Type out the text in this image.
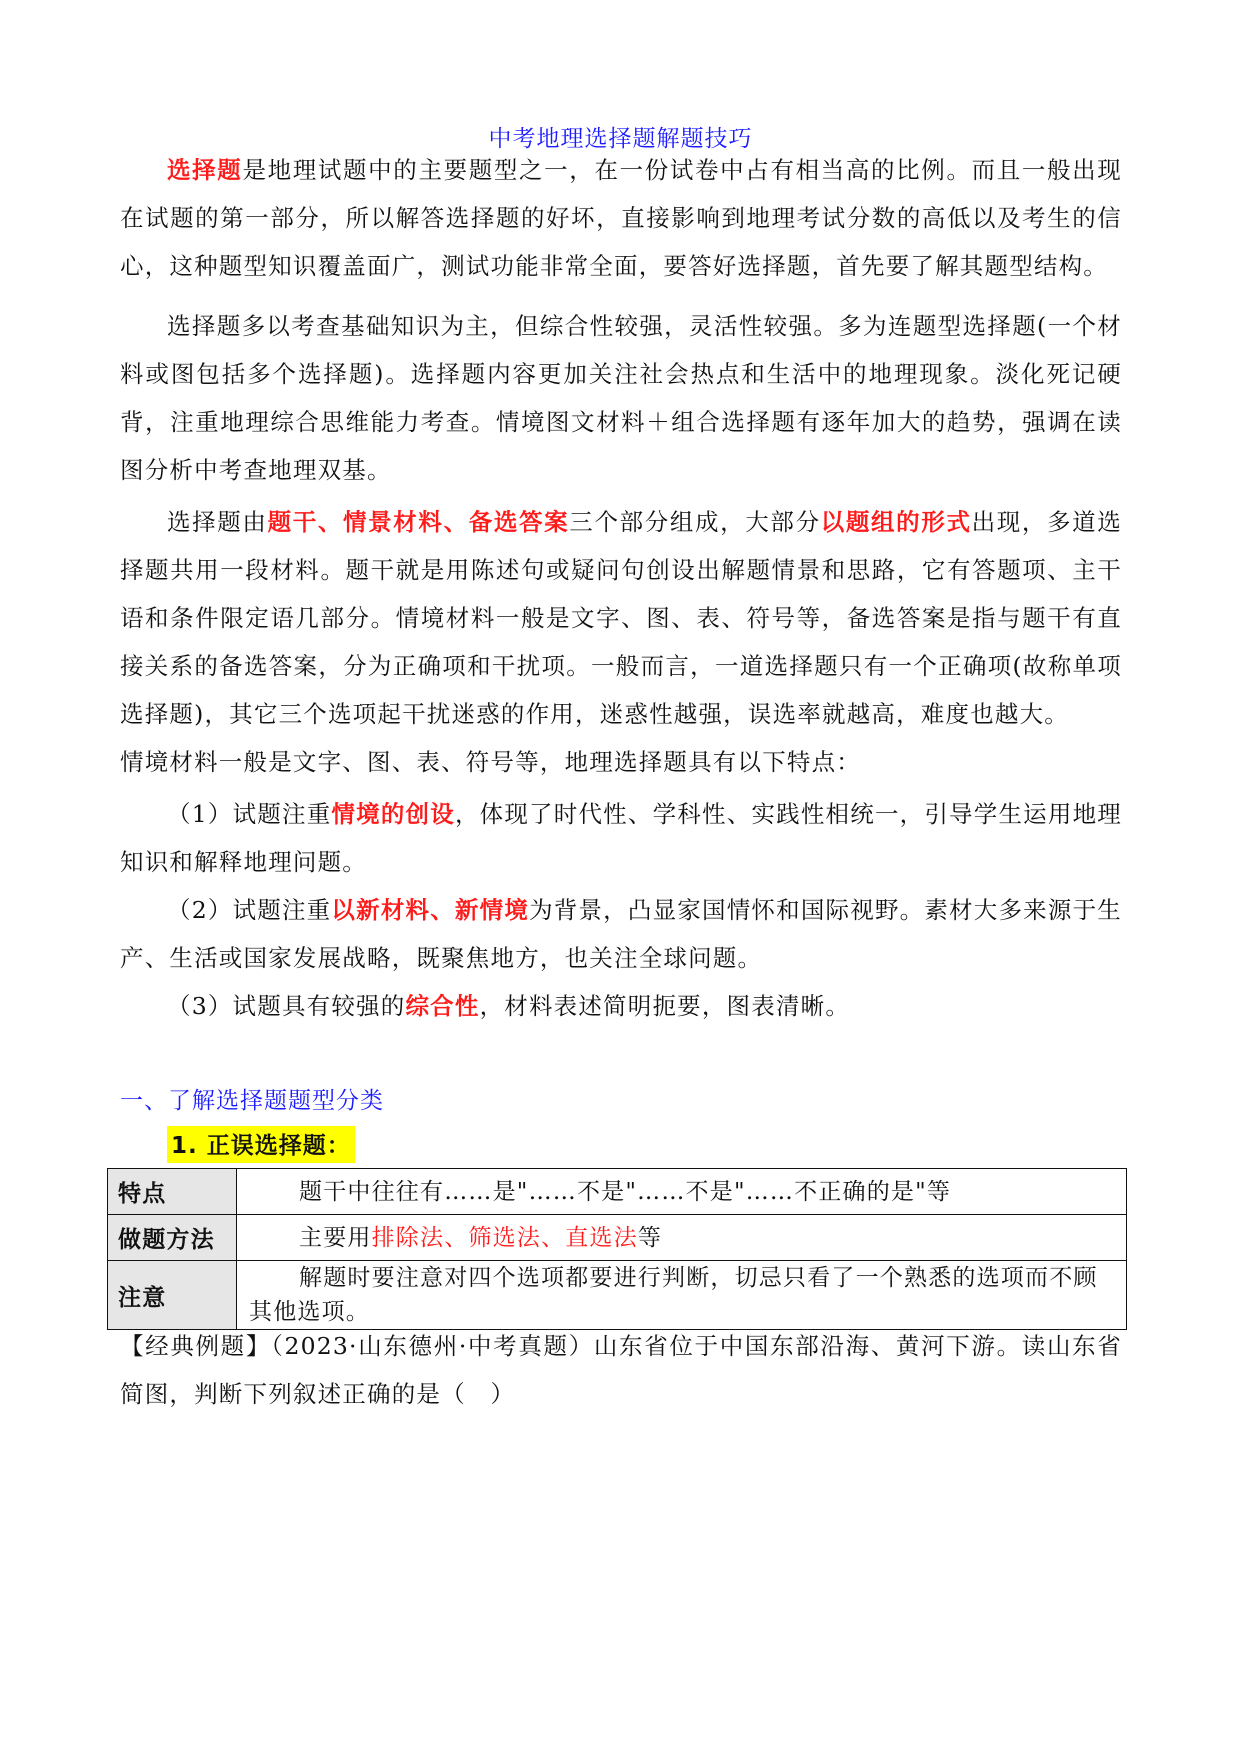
中考地理选择题解题技巧

选择题是地理试题中的主要题型之一，在一份试卷中占有相当高的比例。而且一般出现在试题的第一部分，所以解答选择题的好坏，直接影响到地理考试分数的高低以及考生的信心，这种题型知识覆盖面广，测试功能非常全面，要答好选择题，首先要了解其题型结构。

选择题多以考查基础知识为主，但综合性较强，灵活性较强。多为连题型选择题(一个材料或图包括多个选择题)。选择题内容更加关注社会热点和生活中的地理现象。淡化死记硬背，注重地理综合思维能力考查。情境图文材料＋组合选择题有逐年加大的趋势，强调在读图分析中考查地理双基。

选择题由题干、情景材料、备选答案三个部分组成，大部分以题组的形式出现，多道选择题共用一段材料。题干就是用陈述句或疑问句创设出解题情景和思路，它有答题项、主干语和条件限定语几部分。情境材料一般是文字、图、表、符号等，备选答案是指与题干有直接关系的备选答案，分为正确项和干扰项。一般而言，一道选择题只有一个正确项(故称单项选择题)，其它三个选项起干扰迷惑的作用，迷惑性越强，误选率就越高，难度也越大。

情境材料一般是文字、图、表、符号等，地理选择题具有以下特点：

（1）试题注重情境的创设，体现了时代性、学科性、实践性相统一，引导学生运用地理知识和解释地理问题。

（2）试题注重以新材料、新情境为背景，凸显家国情怀和国际视野。素材大多来源于生产、生活或国家发展战略，既聚焦地方，也关注全球问题。

（3）试题具有较强的综合性，材料表述简明扼要，图表清晰。

一、了解选择题题型分类
1. 正误选择题：
特点	题干中往往有……是"……不是"……不是"……不正确的是"等
做题方法	主要用排除法、筛选法、直选法等
注意	解题时要注意对四个选项都要进行判断，切忌只看了一个熟悉的选项而不顾其他选项。

【经典例题】（2023·山东德州·中考真题）山东省位于中国东部沿海、黄河下游。读山东省简图，判断下列叙述正确的是（　）
